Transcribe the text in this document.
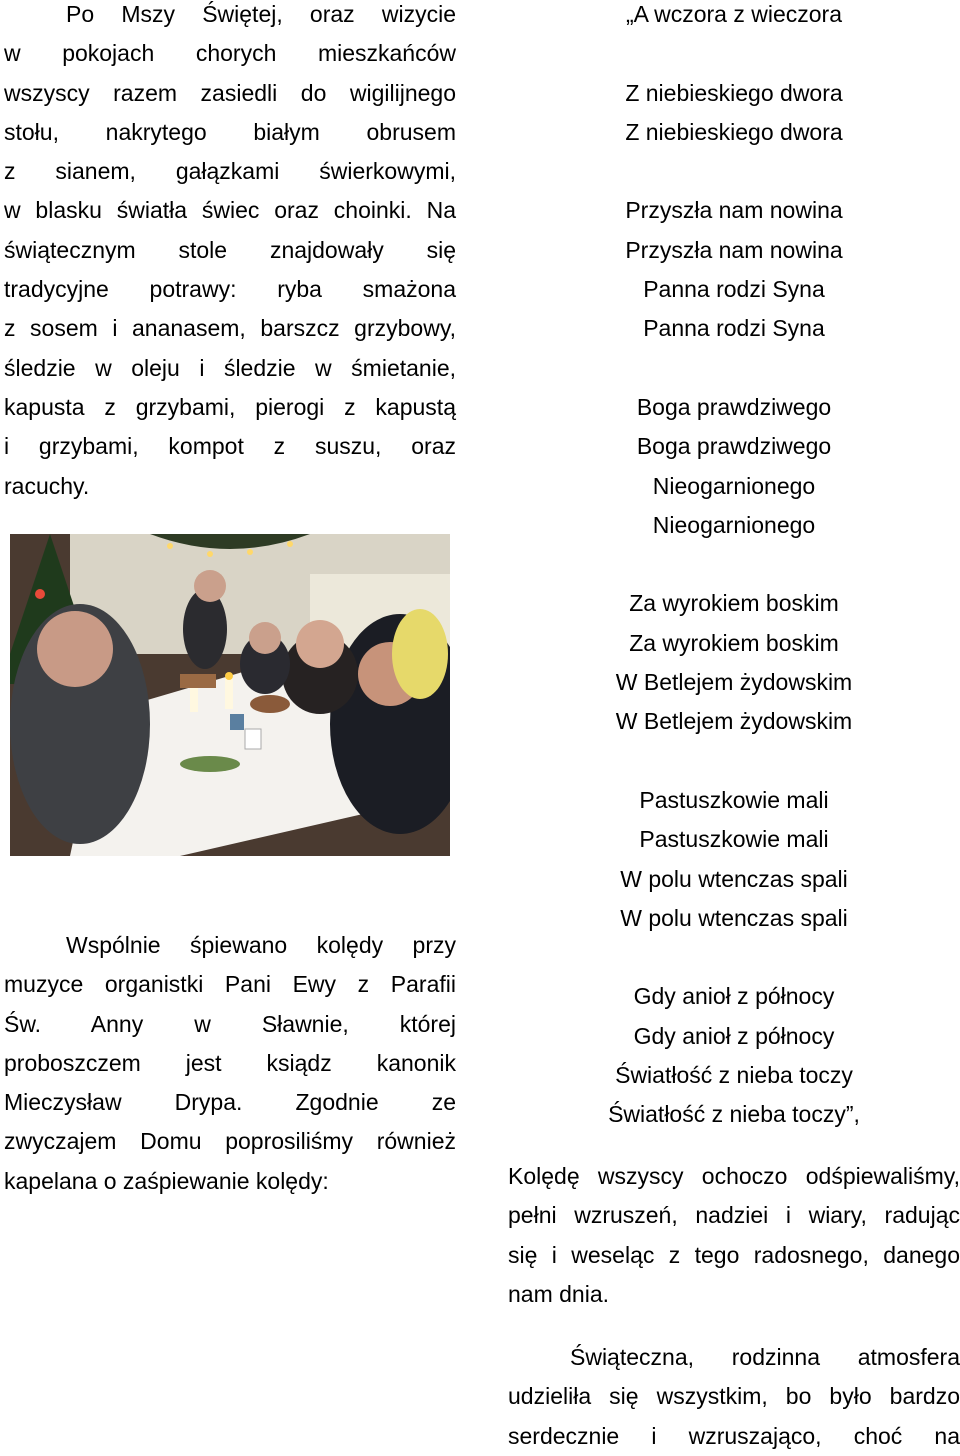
Po Mszy Świętej, oraz wizycie
w pokojach chorych mieszkańców
wszyscy razem zasiedli do wigilijnego
stołu, nakrytego białym obrusem
z sianem, gałązkami świerkowymi,
w blasku światła świec oraz choinki. Na
świątecznym stole znajdowały się
tradycyjne potrawy: ryba smażona
z sosem i ananasem, barszcz grzybowy,
śledzie w oleju i śledzie w śmietanie,
kapusta z grzybami, pierogi z kapustą
i grzybami, kompot z suszu, oraz
racuchy.
Wspólnie śpiewano kolędy przy
muzyce organistki Pani Ewy z Parafii
Św. Anny w Sławnie, której
proboszczem jest ksiądz kanonik
Mieczysław Drypa. Zgodnie ze
zwyczajem Domu poprosiliśmy również
kapelana o zaśpiewanie kolędy:
„A wczora z wieczora
Z niebieskiego dwora
Z niebieskiego dwora
Przyszła nam nowina
Przyszła nam nowina
Panna rodzi Syna
Panna rodzi Syna
Boga prawdziwego
Boga prawdziwego
Nieogarnionego
Nieogarnionego
Za wyrokiem boskim
Za wyrokiem boskim
W Betlejem żydowskim
W Betlejem żydowskim
Pastuszkowie mali
Pastuszkowie mali
W polu wtenczas spali
W polu wtenczas spali
Gdy anioł z północy
Gdy anioł z północy
Światłość z nieba toczy
Światłość z nieba toczy”,
Kolędę wszyscy ochoczo odśpiewaliśmy,
pełni wzruszeń, nadziei i wiary, radując
się i weseląc z tego radosnego, danego
nam dnia.
Świąteczna, rodzinna atmosfera
udzieliła się wszystkim, bo było bardzo
serdecznie i wzruszająco, choć na
